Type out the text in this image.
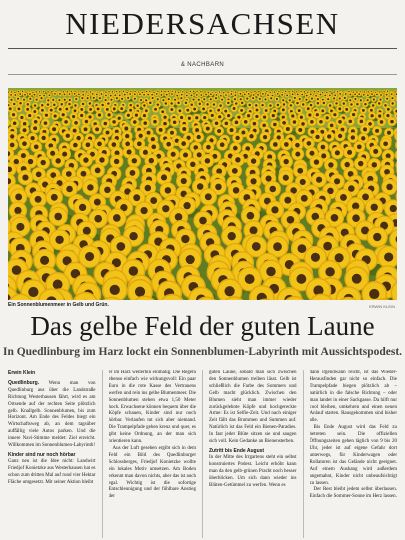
NIEDERSACHSEN
& NACHBARN
Ein Sonnenblumenmeer in Gelb und Grün.	ERWIN KLEIN
Das gelbe Feld der guten Laune
In Quedlinburg im Harz lockt ein Sonnenblumen-Labyrinth mit Aussichtspodest.

Erwin Klein

Quedlinburg. Wenn man von Quedlinburg aus über die Landstraße Richtung Westerhausen fährt, wird es am Ortsende auf der rechten Seite plötzlich gelb. Knallgelb. Sonnenblumen, bis zum Horizont. Am Ende des Feldes biegt ein Wirtschaftsweg ab, an dem tagsüber auffällig viele Autos parken. Und die innere Navi-Stimme meldet: Ziel erreicht. Willkommen im Sonnenblumen-Labyrinth!

Kinder sind nur noch hörbar

Ganz neu ist die Idee nicht: Landwirt Friedjof Konietzke aus Westerhausen hat es schon zum dritten Mal auf rund vier Hektar Fläche umgesetzt. Mit seiner Aktion bleibt

er im Harz weiterhin einmalig. Die Regeln ebenso einfach wie wirkungsvoll: Ein paar Euro in die rote Kasse des Vertrauens werfen und rein ins gelbe Blumenmeer. Die Sonnenblumen stehen etwa 1,50 Meter hoch. Erwachsene können bequem über die Köpfe schauen, Kinder sind nur noch hörbar. Verlaufen tut sich aber niemand. Die Trampelpfade gehen kreuz und quer, es gibt keine Ordnung, an der man sich orientieren kann.

Aus der Luft gesehen ergibt sich in dem Feld ein Bild des Quedlinburger Schlossberges, Friedjof Konietzke wollte ein lokales Motiv umsetzen. Am Boden erkennt man davon nichts, aber das ist auch egal. Wichtig ist die sofortige Entschleunigung und der fühlbare Anstieg der

guten Laune, sobald man sich zwischen den Sonnenblumen treiben lässt. Gelb ist schließlich die Farbe des Sommers und Gelb macht glücklich. Zwischen den Blumen sieht man immer wieder zurückgelehnte Köpfe und hochgereckte Arme: Es ist Selfie-Zeit. Und nach einiger Zeit fällt das Brummen und Summen auf. Natürlich ist das Feld ein Bienen-Paradies. In fast jeder Blüte sitzen sie und saugen sich voll. Kein Gedanke an Bienensterben.

Zutritt bis Ende August

In der Mitte des Irrgartens steht ein selbst konstruiertes Podest. Leicht erhöht kann man da den gelb-grünen Pracht noch besser überblicken. Um sich dann wieder ins Blüten-Getümmel zu werfen. Wenn es

dann irgendwann reicht, ist das Wieder-Herausfinden gar nicht so einfach. Die Trampelpfade biegen plötzlich ab – natürlich in die falsche Richtung – oder man landet in einer Sackgasse. Da hilft nur cool bleiben, umkehren und einen neuen Anlauf starten. Rausgekommen sind bisher alle.

Bis Ende August wird das Feld zu betreten sein. Die offiziellen Öffnungszeiten gehen täglich von 9 bis 20 Uhr, jeder ist auf eigene Gefahr dort unterwegs, für Kinderwagen oder Rollatoren ist das Gelände nicht geeignet. Auf einem Aushang wird außerdem angemahnt, Kinder nicht unbeaufsichtigt zu lassen.

Der Rest bleibt jedem selbst überlassen. Einfach die Sommer-Sonne im Herz lassen.
